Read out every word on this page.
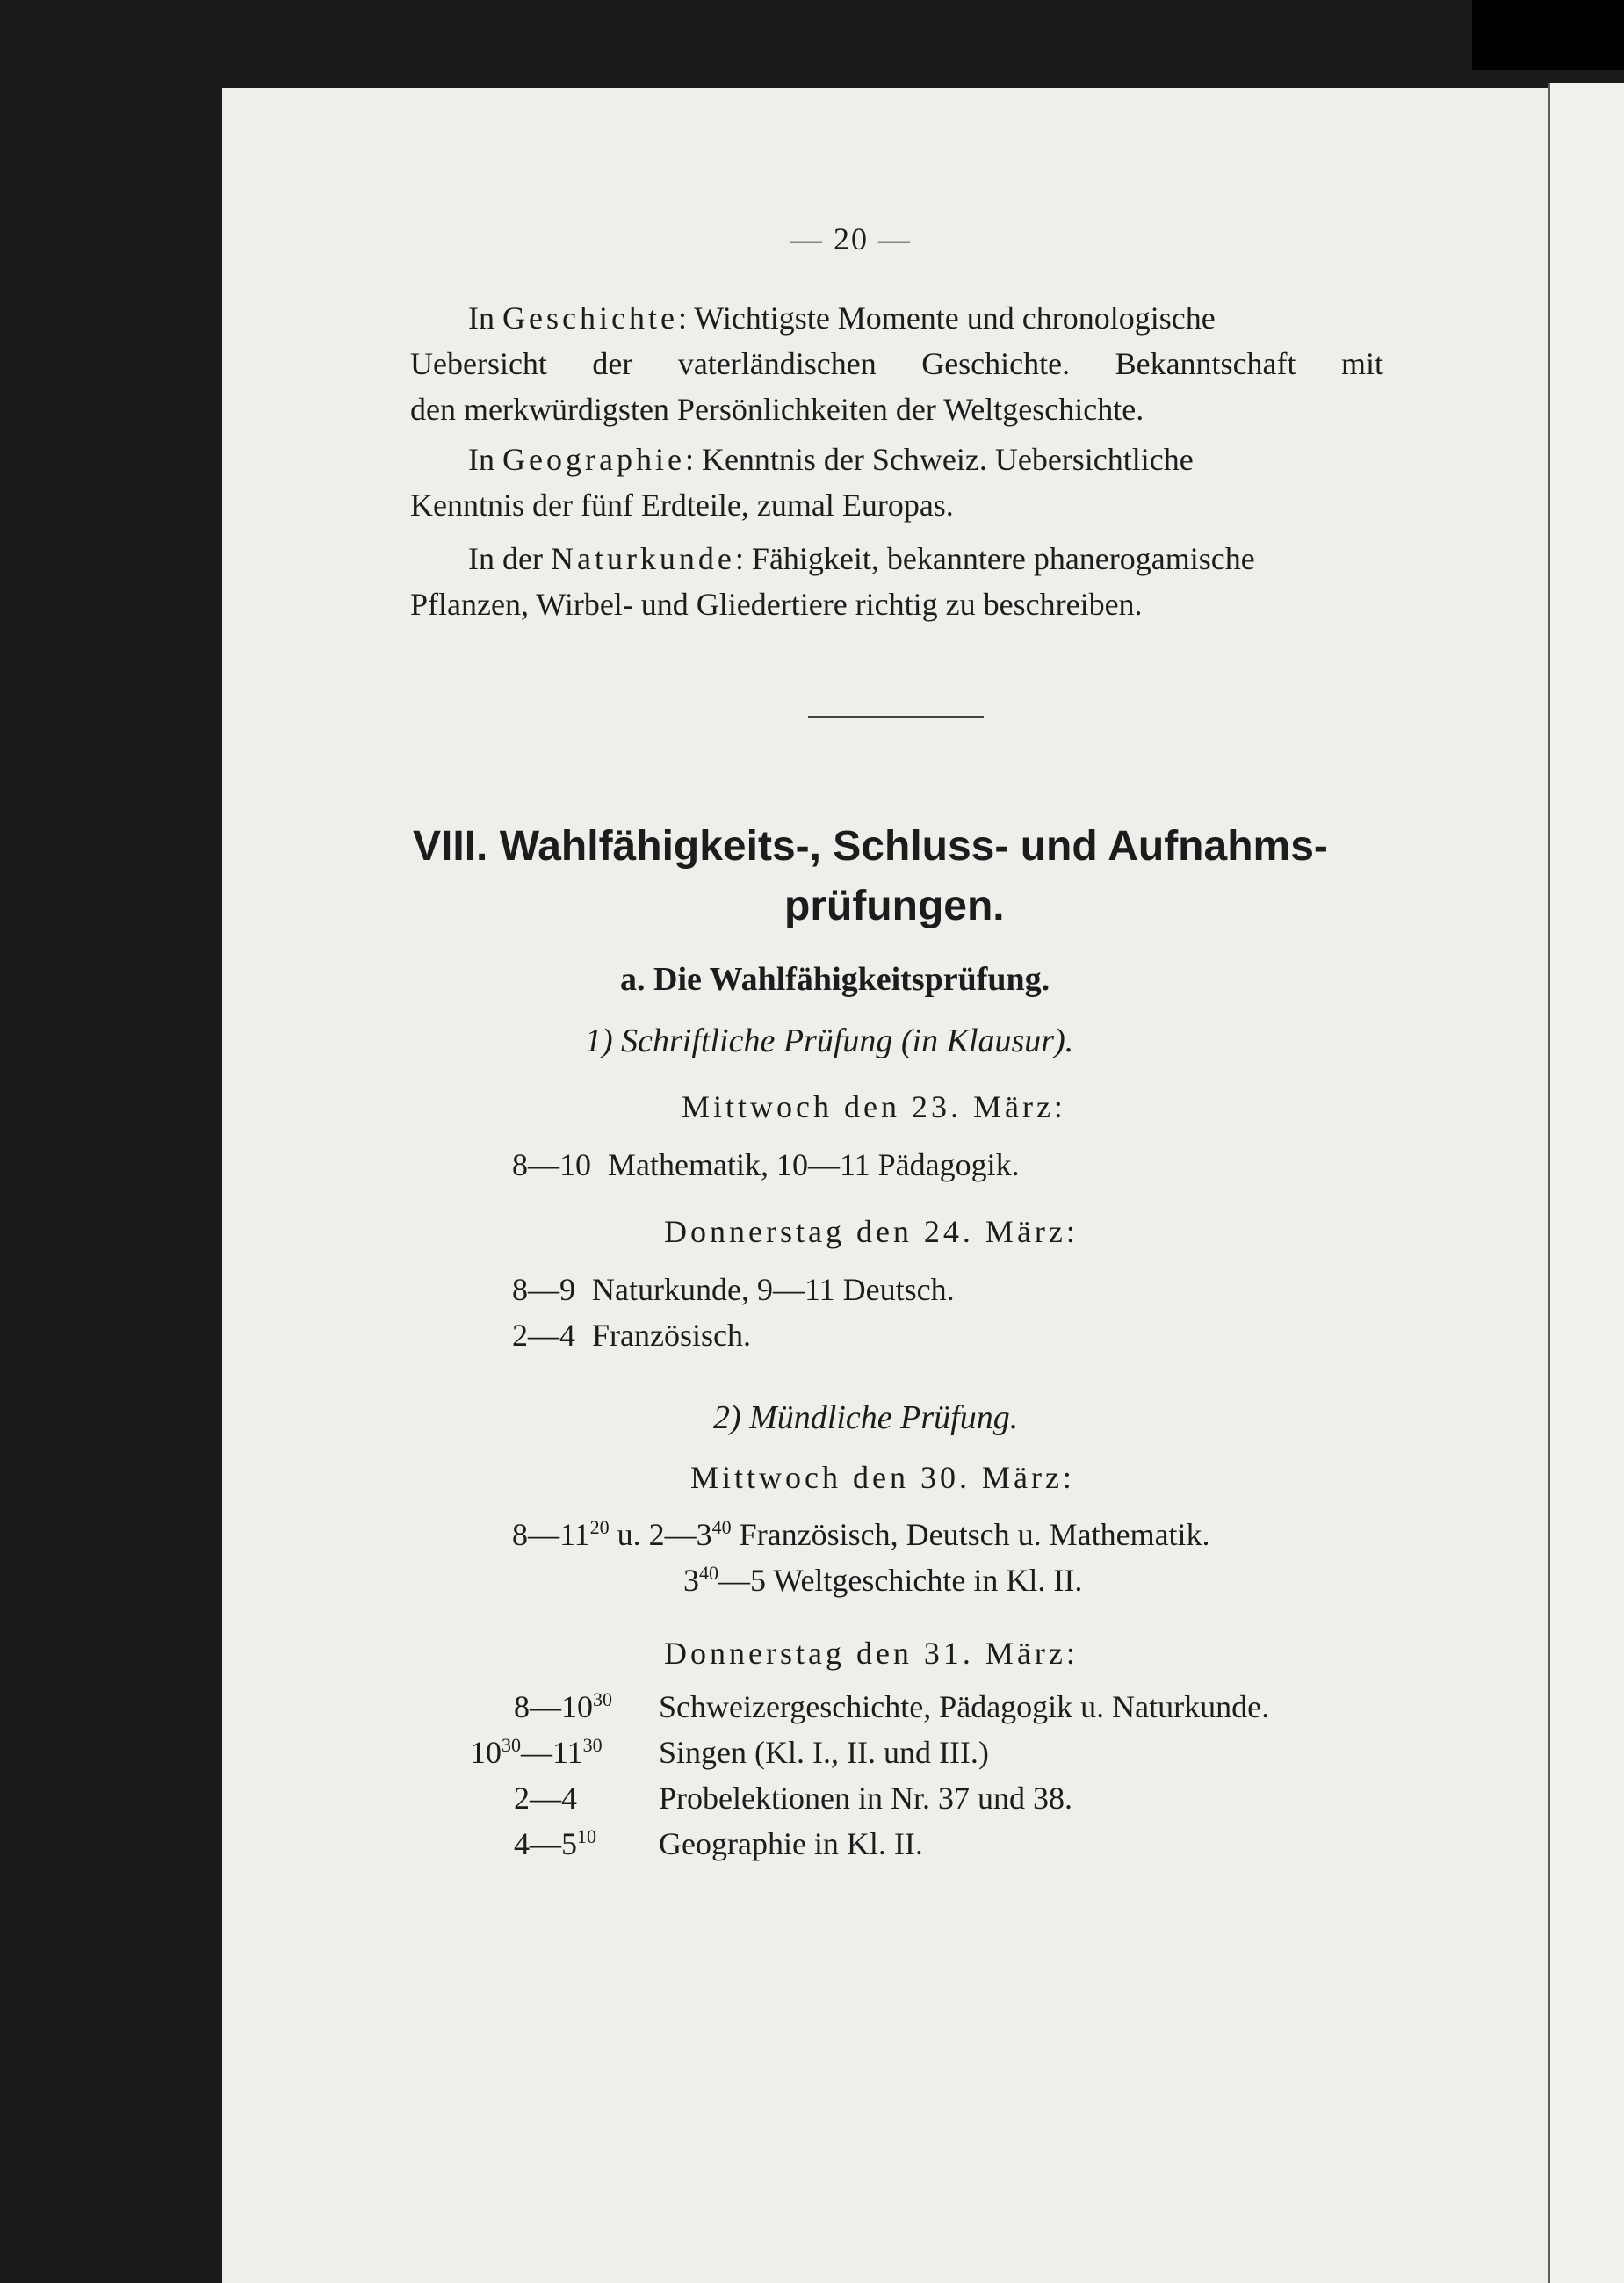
— 20 —
In Geschichte: Wichtigste Momente und chronologische
Uebersicht der vaterländischen Geschichte. Bekanntschaft mit
den merkwürdigsten Persönlichkeiten der Weltgeschichte.
In Geographie: Kenntnis der Schweiz. Uebersichtliche
Kenntnis der fünf Erdteile, zumal Europas.
In der Naturkunde: Fähigkeit, bekanntere phanerogamische
Pflanzen, Wirbel- und Gliedertiere richtig zu beschreiben.
VIII. Wahlfähigkeits-, Schluss- und Aufnahms-
prüfungen.
a. Die Wahlfähigkeitsprüfung.
1) Schriftliche Prüfung (in Klausur).
Mittwoch den 23. März:
8—10 Mathematik, 10—11 Pädagogik.
Donnerstag den 24. März:
8—9 Naturkunde, 9—11 Deutsch.
2—4 Französisch.
2) Mündliche Prüfung.
Mittwoch den 30. März:
$8—11^{20}$ u. $2—3^{40}$ Französisch, Deutsch u. Mathematik.
$3^{40}—5$ Weltgeschichte in Kl. II.
Donnerstag den 31. März:
$8—10^{30}$ Schweizergeschichte, Pädagogik u. Naturkunde.
$10^{30}—11^{30}$ Singen (Kl. I., II. und III.)
2—4	Probelektionen in Nr. 37 und 38.
$4—5^{10}$ Geographie in Kl. II.
